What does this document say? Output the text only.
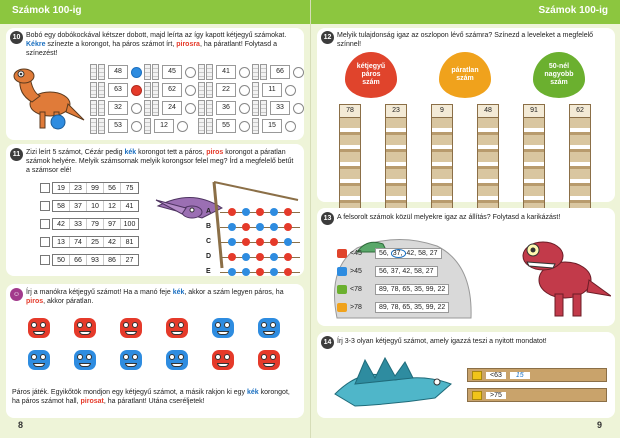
Számok 100-ig
10 Bobó egy dobókockával kétszer dobott, majd leírta az így kapott kétjegyű számokat. Kékre színezte a korongot, ha páros számot írt, pirosra, ha páratlant! Folytasd a színezést!
48	45	41	66
63	62	22	11
32	24	36	33
53	12	55	15
11 Zizi leírt 5 számot, Cézár pedig kék korongot tett a páros, piros korongot a páratlan számok helyére. Melyik számsornak melyik korongsor felel meg? Írd a megfelelő betűt a számsor elé!
19	23	99	56	75
58	37	10	12	41
42	33	79	97	100
13	74	25	42	81
50	66	93	86	27
A
B
C
D
E
☺ Írj a manókra kétjegyű számot! Ha a manó feje kék, akkor a szám legyen páros, ha piros, akkor páratlan.
Páros játék. Egyikőtök mondjon egy kétjegyű számot, a másik rakjon ki egy kék korongot, ha páros számot hall, pirosat, ha páratlant! Utána cseréljetek!
8
Számok 100-ig
12 Melyik tulajdonság igaz az oszlopon lévő számra? Színezd a leveleket a megfelelő színnel!
kétjegyű
páros
szám
páratlan
szám
50-nél
nagyobb
szám
78	23	9	48	91	62
13 A felsorolt számok közül melyekre igaz az állítás? Folytasd a karikázást!
<45	56, 37, 42, 58, 27
>45	56, 37, 42, 58, 27
<78	89, 78, 65, 35, 99, 22
>78	89, 78, 65, 35, 99, 22
14 Írj 3-3 olyan kétjegyű számot, amely igazzá teszi a nyitott mondatot!
<63	15
>75
9
